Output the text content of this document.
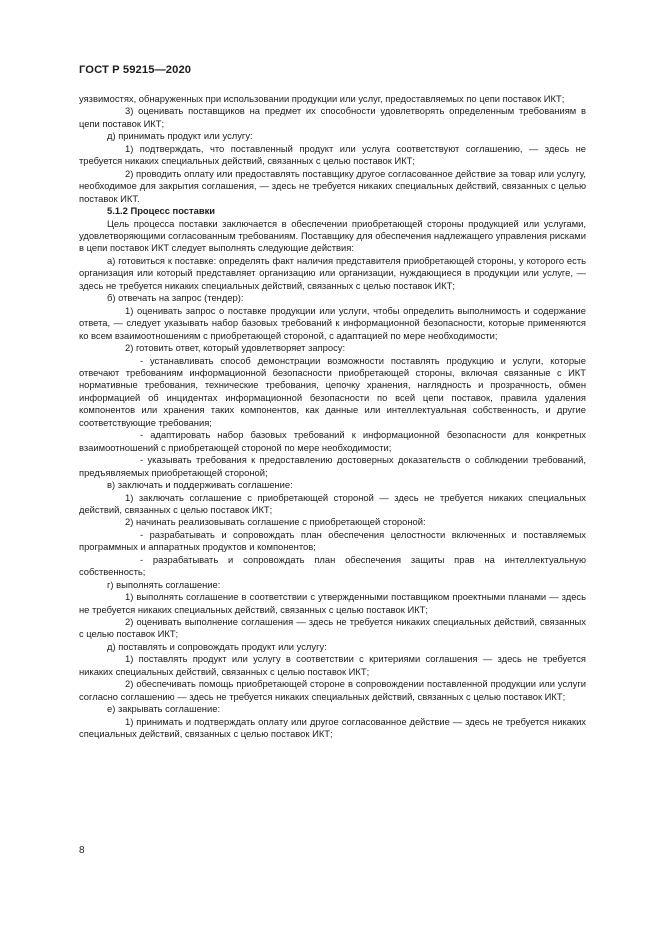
ГОСТ Р 59215—2020

уязвимостях, обнаруженных при использовании продукции или услуг, предоставляемых по цепи поставок ИКТ;

3) оценивать поставщиков на предмет их способности удовлетворять определенным требованиям в цепи поставок ИКТ;

д) принимать продукт или услугу:

1) подтверждать, что поставленный продукт или услуга соответствуют соглашению, — здесь не требуется никаких специальных действий, связанных с целью поставок ИКТ;

2) проводить оплату или предоставлять поставщику другое согласованное действие за товар или услугу, необходимое для закрытия соглашения, — здесь не требуется никаких специальных действий, связанных с целью поставок ИКТ.

5.1.2 Процесс поставки

Цель процесса поставки заключается в обеспечении приобретающей стороны продукцией или услугами, удовлетворяющими согласованным требованиям. Поставщику для обеспечения надлежащего управления рисками в цепи поставок ИКТ следует выполнять следующие действия:

а) готовиться к поставке: определять факт наличия представителя приобретающей стороны, у которого есть организация или который представляет организацию или организации, нуждающиеся в продукции или услуге, — здесь не требуется никаких специальных действий, связанных с целью поставок ИКТ;

б) отвечать на запрос (тендер):

1) оценивать запрос о поставке продукции или услуги, чтобы определить выполнимость и содержание ответа, — следует указывать набор базовых требований к информационной безопасности, которые применяются ко всем взаимоотношениям с приобретающей стороной, с адаптацией по мере необходимости;

2) готовить ответ, который удовлетворяет запросу:

- устанавливать способ демонстрации возможности поставлять продукцию и услуги, которые отвечают требованиям информационной безопасности приобретающей стороны, включая связанные с ИКТ нормативные требования, технические требования, цепочку хранения, наглядность и прозрачность, обмен информацией об инцидентах информационной безопасности по всей цепи поставок, правила удаления компонентов или хранения таких компонентов, как данные или интеллектуальная собственность, и другие соответствующие требования;

- адаптировать набор базовых требований к информационной безопасности для конкретных взаимоотношений с приобретающей стороной по мере необходимости;

- указывать требования к предоставлению достоверных доказательств о соблюдении требований, предъявляемых приобретающей стороной;

в) заключать и поддерживать соглашение:

1) заключать соглашение с приобретающей стороной — здесь не требуется никаких специальных действий, связанных с целью поставок ИКТ;

2) начинать реализовывать соглашение с приобретающей стороной:

- разрабатывать и сопровождать план обеспечения целостности включенных и поставляемых программных и аппаратных продуктов и компонентов;

- разрабатывать и сопровождать план обеспечения защиты прав на интеллектуальную собственность;

г) выполнять соглашение:

1) выполнять соглашение в соответствии с утвержденными поставщиком проектными планами — здесь не требуется никаких специальных действий, связанных с целью поставок ИКТ;

2) оценивать выполнение соглашения — здесь не требуется никаких специальных действий, связанных с целью поставок ИКТ;

д) поставлять и сопровождать продукт или услугу:

1) поставлять продукт или услугу в соответствии с критериями соглашения — здесь не требуется никаких специальных действий, связанных с целью поставок ИКТ;

2) обеспечивать помощь приобретающей стороне в сопровождении поставленной продукции или услуги согласно соглашению — здесь не требуется никаких специальных действий, связанных с целью поставок ИКТ;

е) закрывать соглашение:

1) принимать и подтверждать оплату или другое согласованное действие — здесь не требуется никаких специальных действий, связанных с целью поставок ИКТ;

8
